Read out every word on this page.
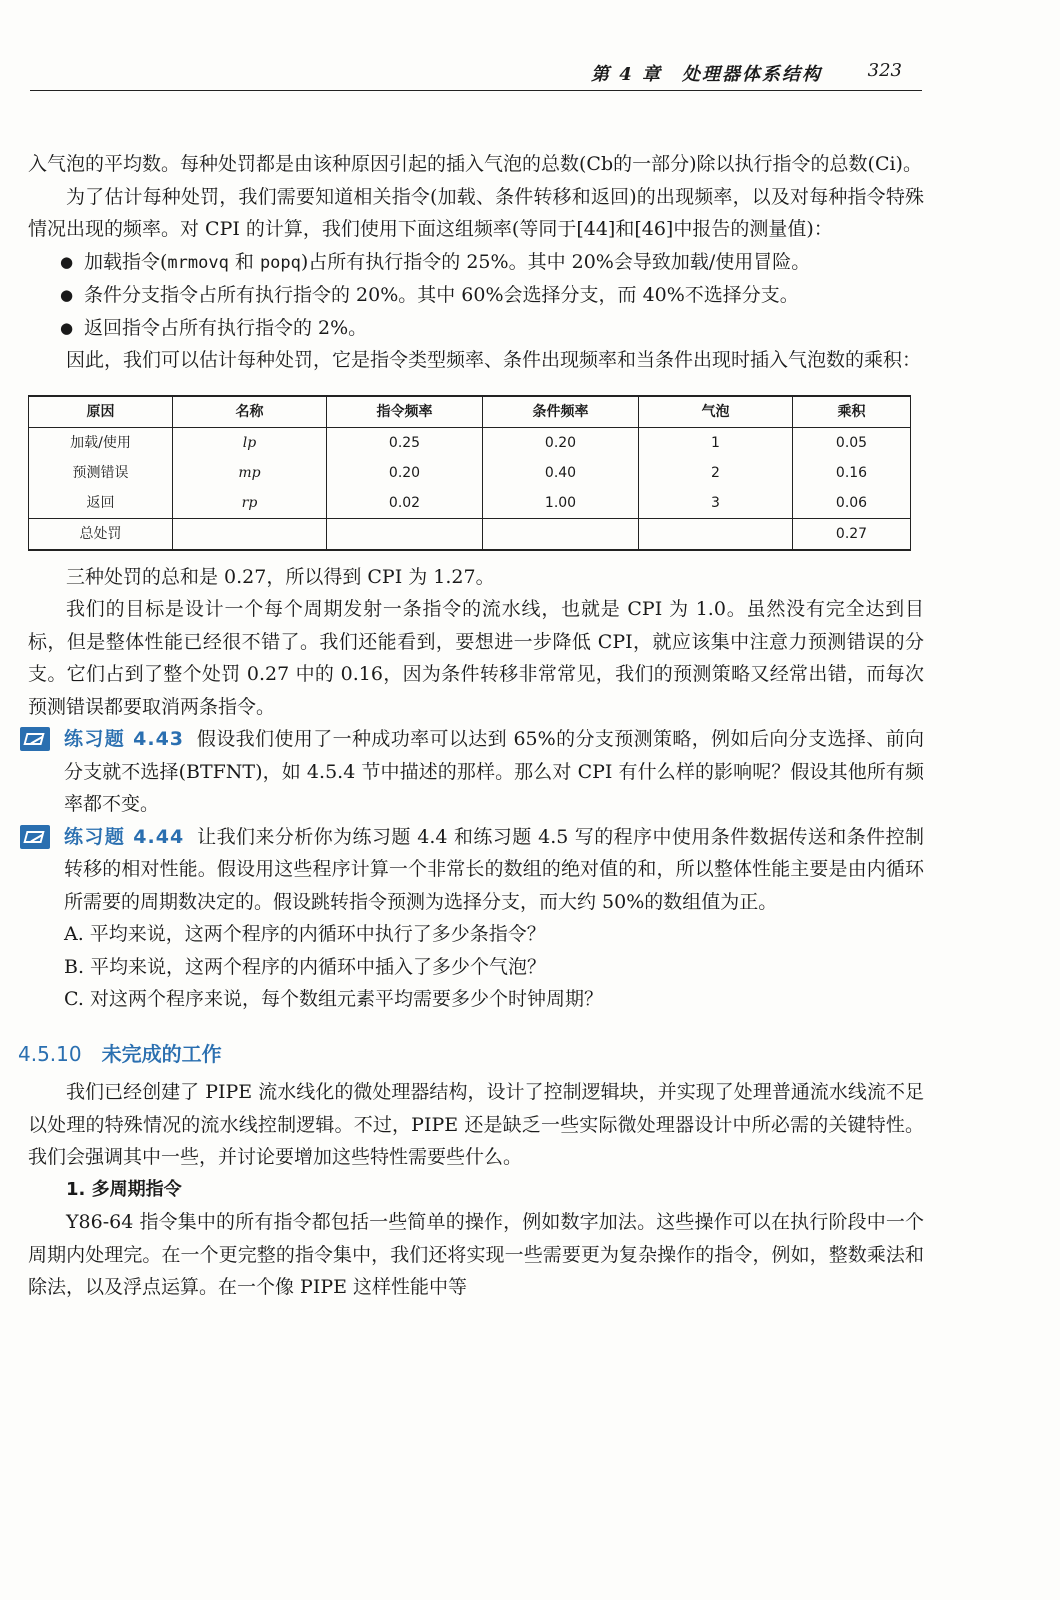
第 4 章　处理器体系结构	323

入气泡的平均数。每种处罚都是由该种原因引起的插入气泡的总数(Cb的一部分)除以执行指令的总数(Ci)。

为了估计每种处罚，我们需要知道相关指令(加载、条件转移和返回)的出现频率，以及对每种指令特殊情况出现的频率。对 CPI 的计算，我们使用下面这组频率(等同于[44]和[46]中报告的测量值)：

● 加载指令(mrmovq 和 popq)占所有执行指令的 25%。其中 20%会导致加载/使用冒险。
● 条件分支指令占所有执行指令的 20%。其中 60%会选择分支，而 40%不选择分支。
● 返回指令占所有执行指令的 2%。

因此，我们可以估计每种处罚，它是指令类型频率、条件出现频率和当条件出现时插入气泡数的乘积：

原因	名称	指令频率	条件频率	气泡	乘积
加载/使用	lp	0.25	0.20	1	0.05
预测错误	mp	0.20	0.40	2	0.16
返回	rp	0.02	1.00	3	0.06
总处罚					0.27

三种处罚的总和是 0.27，所以得到 CPI 为 1.27。

我们的目标是设计一个每个周期发射一条指令的流水线，也就是 CPI 为 1.0。虽然没有完全达到目标，但是整体性能已经很不错了。我们还能看到，要想进一步降低 CPI，就应该集中注意力预测错误的分支。它们占到了整个处罚 0.27 中的 0.16，因为条件转移非常常见，我们的预测策略又经常出错，而每次预测错误都要取消两条指令。

练习题 4.43 假设我们使用了一种成功率可以达到 65%的分支预测策略，例如后向分支选择、前向分支就不选择(BTFNT)，如 4.5.4 节中描述的那样。那么对 CPI 有什么样的影响呢？假设其他所有频率都不变。

练习题 4.44 让我们来分析你为练习题 4.4 和练习题 4.5 写的程序中使用条件数据传送和条件控制转移的相对性能。假设用这些程序计算一个非常长的数组的绝对值的和，所以整体性能主要是由内循环所需要的周期数决定的。假设跳转指令预测为选择分支，而大约 50%的数组值为正。

A. 平均来说，这两个程序的内循环中执行了多少条指令？

B. 平均来说，这两个程序的内循环中插入了多少个气泡？

C. 对这两个程序来说，每个数组元素平均需要多少个时钟周期？

4.5.10 未完成的工作

我们已经创建了 PIPE 流水线化的微处理器结构，设计了控制逻辑块，并实现了处理普通流水线流不足以处理的特殊情况的流水线控制逻辑。不过，PIPE 还是缺乏一些实际微处理器设计中所必需的关键特性。我们会强调其中一些，并讨论要增加这些特性需要些什么。

1. 多周期指令

Y86-64 指令集中的所有指令都包括一些简单的操作，例如数字加法。这些操作可以在执行阶段中一个周期内处理完。在一个更完整的指令集中，我们还将实现一些需要更为复杂操作的指令，例如，整数乘法和除法，以及浮点运算。在一个像 PIPE 这样性能中等
